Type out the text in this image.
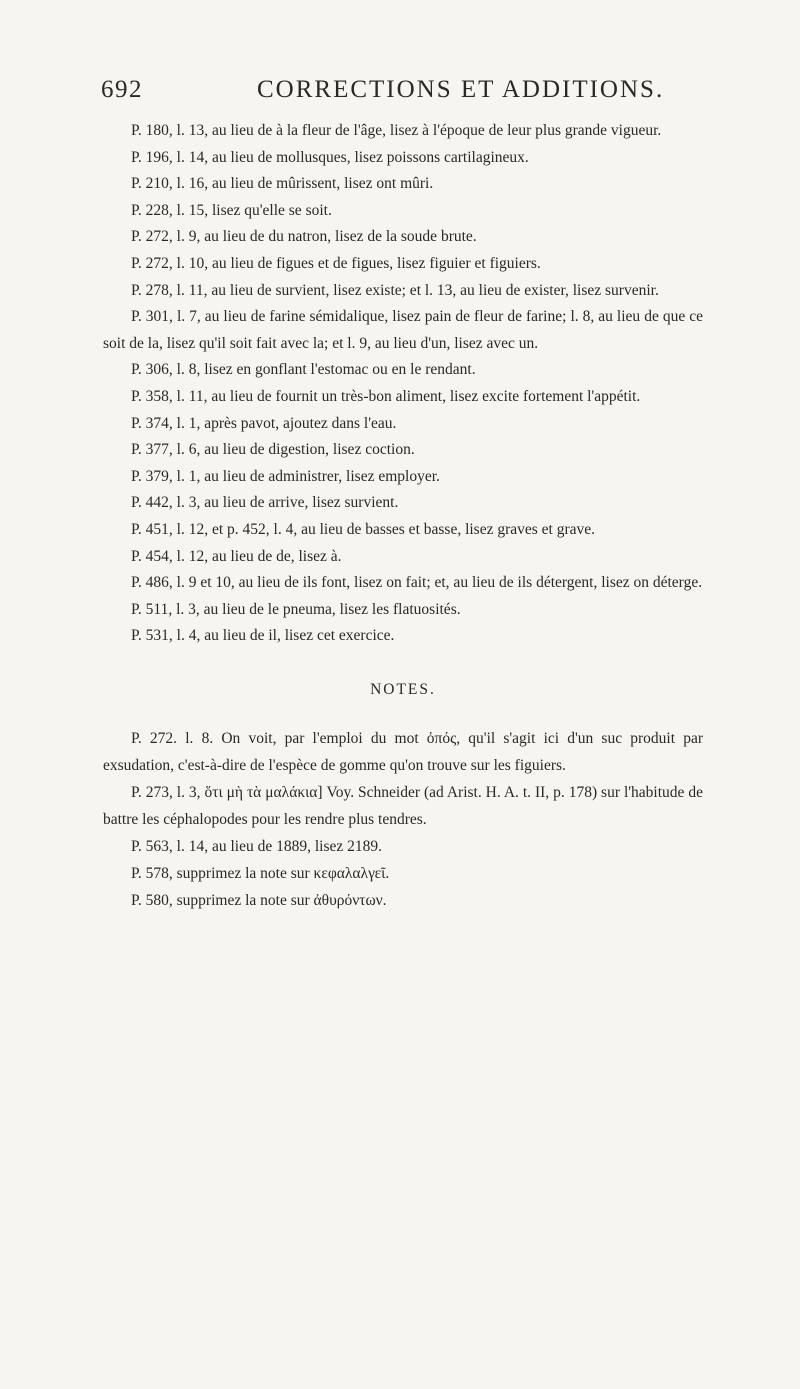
692	CORRECTIONS ET ADDITIONS.

P. 180, l. 13, au lieu de à la fleur de l'âge, lisez à l'époque de leur plus grande vigueur.

P. 196, l. 14, au lieu de mollusques, lisez poissons cartilagineux.

P. 210, l. 16, au lieu de mûrissent, lisez ont mûri.

P. 228, l. 15, lisez qu'elle se soit.

P. 272, l. 9, au lieu de du natron, lisez de la soude brute.

P. 272, l. 10, au lieu de figues et de figues, lisez figuier et figuiers.

P. 278, l. 11, au lieu de survient, lisez existe; et l. 13, au lieu de exister, lisez survenir.

P. 301, l. 7, au lieu de farine sémidalique, lisez pain de fleur de farine; l. 8, au lieu de que ce soit de la, lisez qu'il soit fait avec la; et l. 9, au lieu d'un, lisez avec un.

P. 306, l. 8, lisez en gonflant l'estomac ou en le rendant.

P. 358, l. 11, au lieu de fournit un très-bon aliment, lisez excite fortement l'appétit.

P. 374, l. 1, après pavot, ajoutez dans l'eau.

P. 377, l. 6, au lieu de digestion, lisez coction.

P. 379, l. 1, au lieu de administrer, lisez employer.

P. 442, l. 3, au lieu de arrive, lisez survient.

P. 451, l. 12, et p. 452, l. 4, au lieu de basses et basse, lisez graves et grave.

P. 454, l. 12, au lieu de de, lisez à.

P. 486, l. 9 et 10, au lieu de ils font, lisez on fait; et, au lieu de ils détergent, lisez on déterge.

P. 511, l. 3, au lieu de le pneuma, lisez les flatuosités.

P. 531, l. 4, au lieu de il, lisez cet exercice.

NOTES.

P. 272. l. 8. On voit, par l'emploi du mot ὀπός, qu'il s'agit ici d'un suc produit par exsudation, c'est-à-dire de l'espèce de gomme qu'on trouve sur les figuiers.

P. 273, l. 3, ὅτι μὴ τὰ μαλάκια] Voy. Schneider (ad Arist. H. A. t. II, p. 178) sur l'habitude de battre les céphalopodes pour les rendre plus tendres.

P. 563, l. 14, au lieu de 1889, lisez 2189.

P. 578, supprimez la note sur κεφαλαλγεῖ.

P. 580, supprimez la note sur ἀθυρόντων.
